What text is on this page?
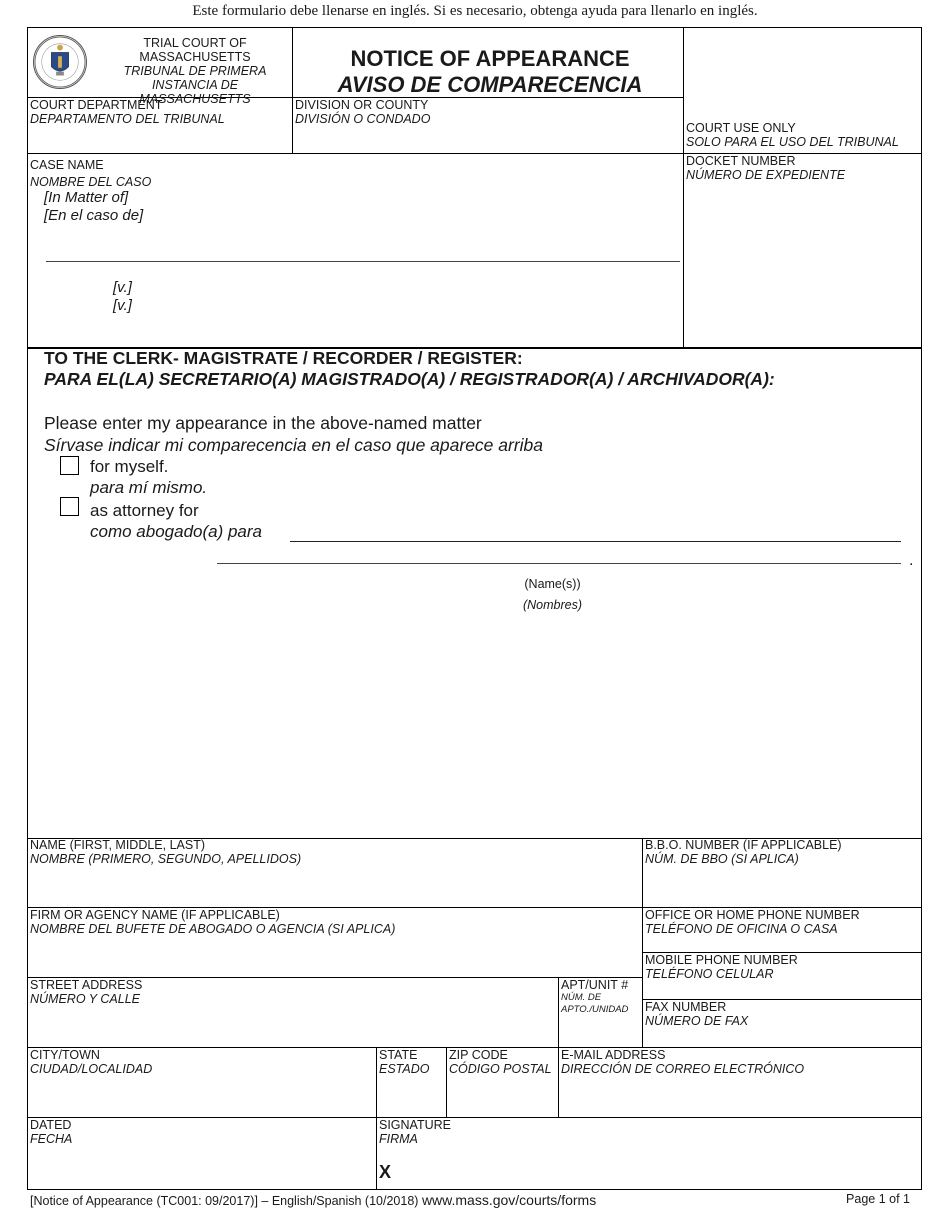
Este formulario debe llenarse en inglés. Si es necesario, obtenga ayuda para llenarlo en inglés.
TRIAL COURT OF
MASSACHUSETTS
TRIBUNAL DE PRIMERA
INSTANCIA DE MASSACHUSETTS
NOTICE OF APPEARANCE
AVISO DE COMPARECENCIA
COURT USE ONLY
SOLO PARA EL USO DEL TRIBUNAL
COURT DEPARTMENT
DEPARTAMENTO DEL TRIBUNAL
DIVISION OR COUNTY
DIVISIÓN O CONDADO
DOCKET NUMBER
NÚMERO DE EXPEDIENTE
CASE NAME
NOMBRE DEL CASO
[In Matter of]
[En el caso de]
[v.]
[v.]
TO THE CLERK- MAGISTRATE / RECORDER / REGISTER:
PARA EL(LA) SECRETARIO(A) MAGISTRADO(A) / REGISTRADOR(A) / ARCHIVADOR(A):
Please enter my appearance in the above-named matter
Sírvase indicar mi comparecencia en el caso que aparece arriba
for myself.
para mí mismo.
as attorney for
como abogado(a) para
.
(Name(s))
(Nombres)
NAME (FIRST, MIDDLE, LAST)
NOMBRE (PRIMERO, SEGUNDO, APELLIDOS)
B.B.O. NUMBER (IF APPLICABLE)
NÚM. DE BBO (SI APLICA)
FIRM OR AGENCY NAME (IF APPLICABLE)
NOMBRE DEL BUFETE DE ABOGADO O AGENCIA (SI APLICA)
OFFICE OR HOME PHONE NUMBER
TELÉFONO DE OFICINA O CASA
MOBILE PHONE NUMBER
TELÉFONO CELULAR
STREET ADDRESS
NÚMERO Y CALLE
APT/UNIT #
NÚM. DE
APTO./UNIDAD FAX NUMBER
NÚMERO DE FAX
CITY/TOWN
CIUDAD/LOCALIDAD
STATE
ESTADO
ZIP CODE
CÓDIGO POSTAL
E-MAIL ADDRESS
DIRECCIÓN DE CORREO ELECTRÓNICO
DATED
FECHA
SIGNATURE
FIRMA
X
[Notice of Appearance (TC001: 09/2017)] – English/Spanish (10/2018) www.mass.gov/courts/forms	Page 1 of 1
